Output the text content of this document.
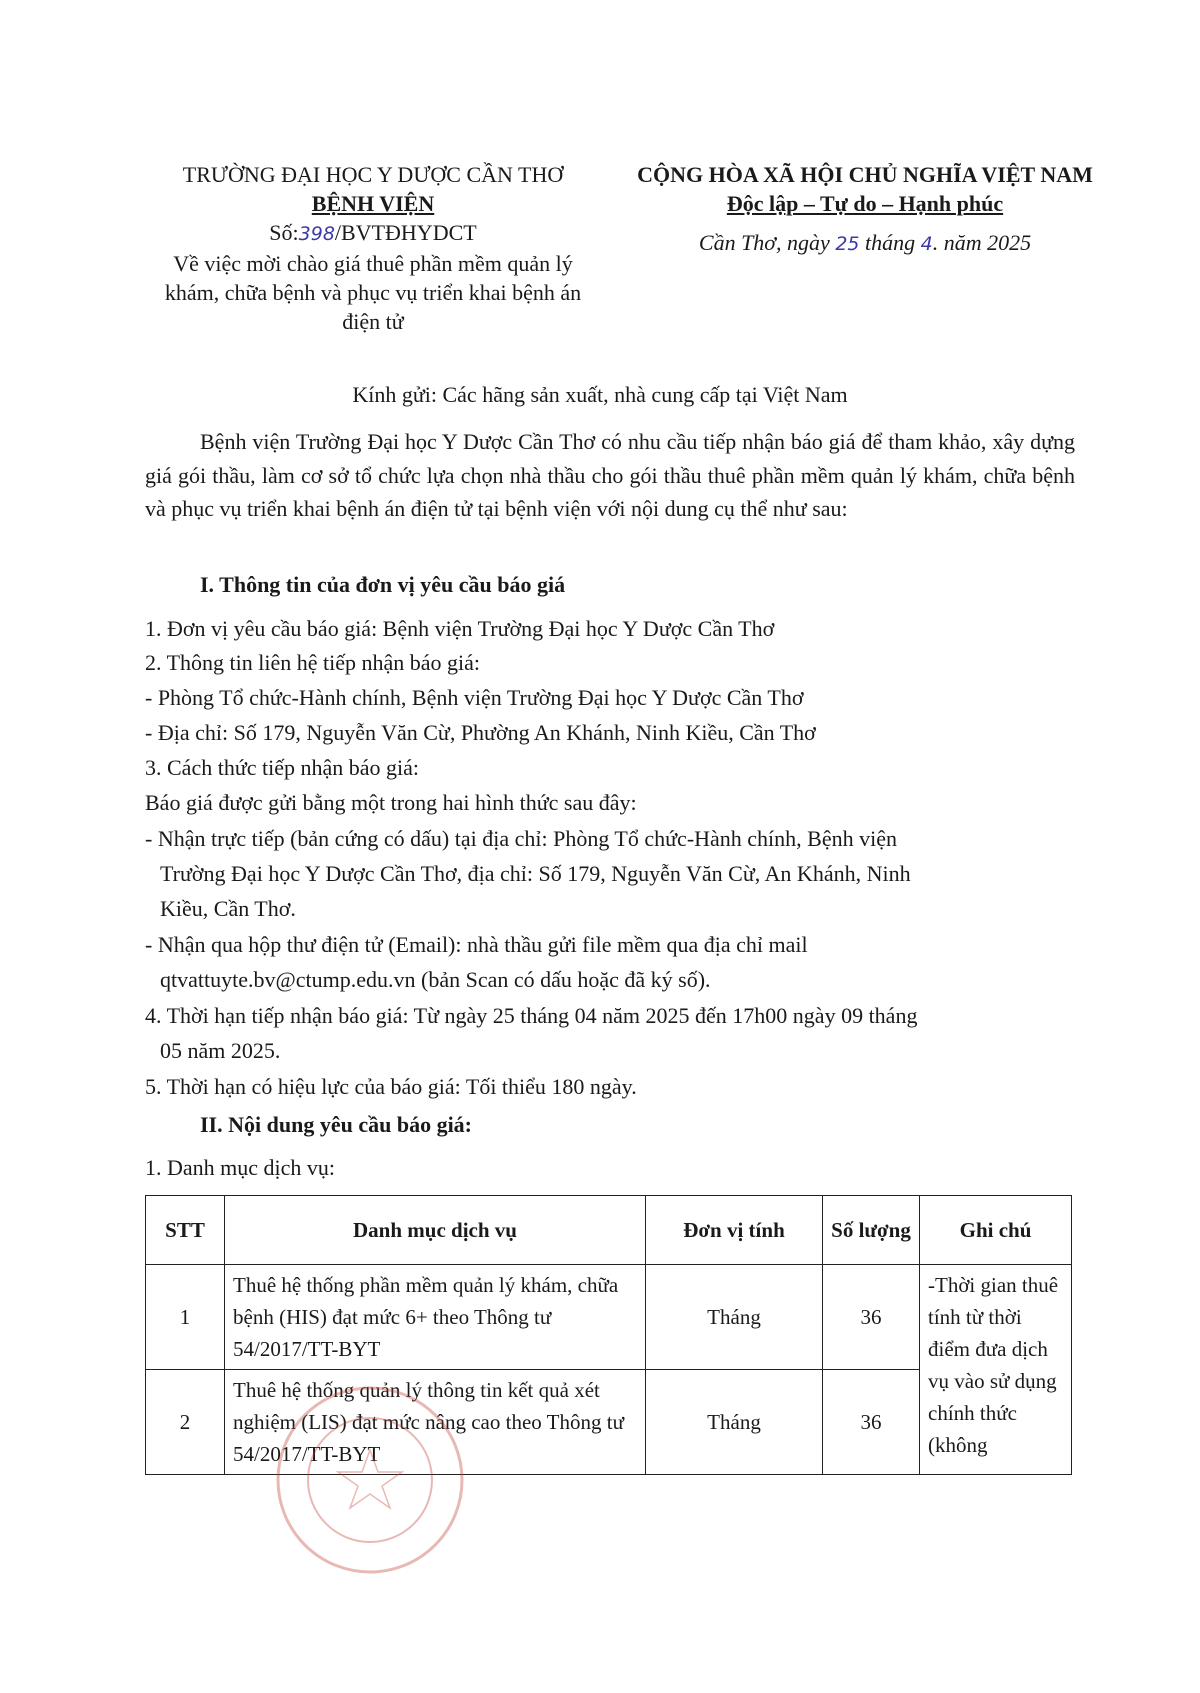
TRƯỜNG ĐẠI HỌC Y DƯỢC CẦN THƠ
BỆNH VIỆN
Số:398/BVTĐHYDCT
Về việc mời chào giá thuê phần mềm quản lý khám, chữa bệnh và phục vụ triển khai bệnh án điện tử
CỘNG HÒA XÃ HỘI CHỦ NGHĨA VIỆT NAM
Độc lập – Tự do – Hạnh phúc
Cần Thơ, ngày 25 tháng 4. năm 2025
Kính gửi: Các hãng sản xuất, nhà cung cấp tại Việt Nam
Bệnh viện Trường Đại học Y Dược Cần Thơ có nhu cầu tiếp nhận báo giá để tham khảo, xây dựng giá gói thầu, làm cơ sở tổ chức lựa chọn nhà thầu cho gói thầu thuê phần mềm quản lý khám, chữa bệnh và phục vụ triển khai bệnh án điện tử tại bệnh viện với nội dung cụ thể như sau:
I. Thông tin của đơn vị yêu cầu báo giá
1. Đơn vị yêu cầu báo giá: Bệnh viện Trường Đại học Y Dược Cần Thơ
2. Thông tin liên hệ tiếp nhận báo giá:
- Phòng Tổ chức-Hành chính, Bệnh viện Trường Đại học Y Dược Cần Thơ
- Địa chỉ: Số 179, Nguyễn Văn Cừ, Phường An Khánh, Ninh Kiều, Cần Thơ
3. Cách thức tiếp nhận báo giá:
Báo giá được gửi bằng một trong hai hình thức sau đây:
- Nhận trực tiếp (bản cứng có dấu) tại địa chỉ: Phòng Tổ chức-Hành chính, Bệnh viện
Trường Đại học Y Dược Cần Thơ, địa chỉ: Số 179, Nguyễn Văn Cừ, An Khánh, Ninh
Kiều, Cần Thơ.
- Nhận qua hộp thư điện tử (Email): nhà thầu gửi file mềm qua địa chỉ mail
qtvattuyte.bv@ctump.edu.vn (bản Scan có dấu hoặc đã ký số).
4. Thời hạn tiếp nhận báo giá: Từ ngày 25 tháng 04 năm 2025 đến 17h00 ngày 09 tháng
05 năm 2025.
5. Thời hạn có hiệu lực của báo giá: Tối thiểu 180 ngày.
II. Nội dung yêu cầu báo giá:
1. Danh mục dịch vụ:
STT	Danh mục dịch vụ	Đơn vị tính	Số lượng	Ghi chú
1	Thuê hệ thống phần mềm quản lý khám, chữa bệnh (HIS) đạt mức 6+ theo Thông tư 54/2017/TT-BYT	Tháng	36	-Thời gian thuê tính từ thời điểm đưa dịch vụ vào sử dụng chính thức (không
2	Thuê hệ thống quản lý thông tin kết quả xét nghiệm (LIS) đạt mức nâng cao theo Thông tư 54/2017/TT-BYT	Tháng	36	
